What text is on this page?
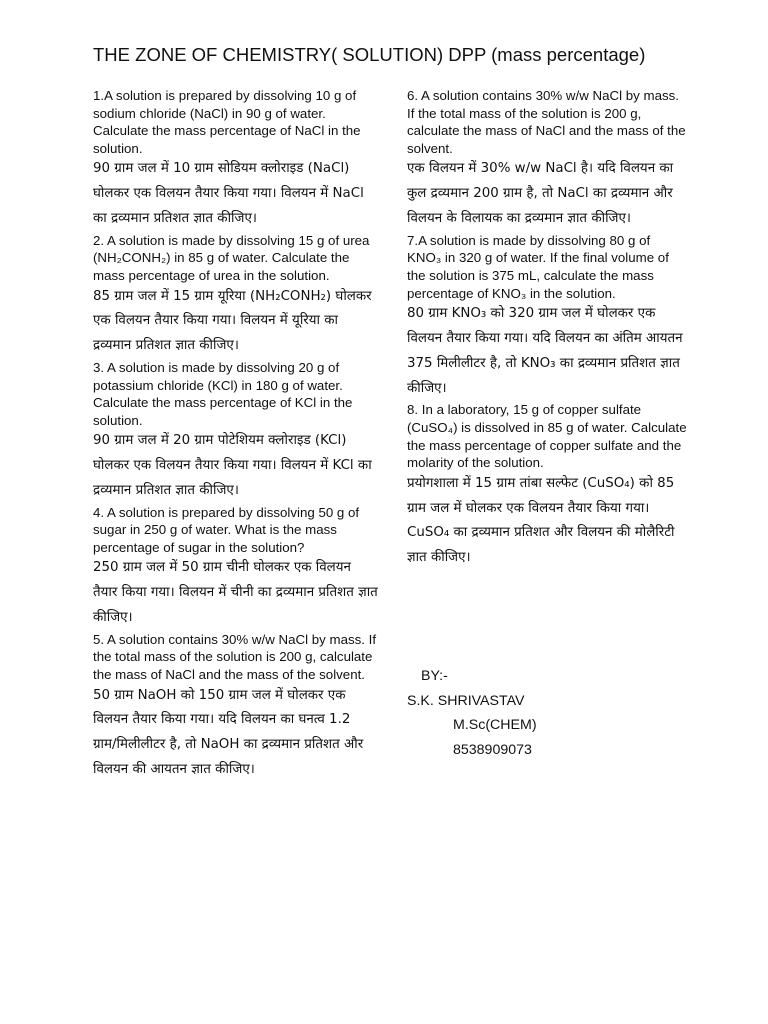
THE ZONE OF CHEMISTRY( SOLUTION) DPP (mass percentage)

1.A solution is prepared by dissolving 10 g of sodium chloride (NaCl) in 90 g of water. Calculate the mass percentage of NaCl in the solution.

90 ग्राम जल में 10 ग्राम सोडियम क्लोराइड (NaCl) घोलकर एक विलयन तैयार किया गया। विलयन में NaCl का द्रव्यमान प्रतिशत ज्ञात कीजिए।

2. A solution is made by dissolving 15 g of urea (NH₂CONH₂) in 85 g of water. Calculate the mass percentage of urea in the solution.

85 ग्राम जल में 15 ग्राम यूरिया (NH₂CONH₂) घोलकर एक विलयन तैयार किया गया। विलयन में यूरिया का द्रव्यमान प्रतिशत ज्ञात कीजिए।

3. A solution is made by dissolving 20 g of potassium chloride (KCl) in 180 g of water. Calculate the mass percentage of KCl in the solution.

90 ग्राम जल में 20 ग्राम पोटेशियम क्लोराइड (KCl) घोलकर एक विलयन तैयार किया गया। विलयन में KCl का द्रव्यमान प्रतिशत ज्ञात कीजिए।

4. A solution is prepared by dissolving 50 g of sugar in 250 g of water. What is the mass percentage of sugar in the solution?

250 ग्राम जल में 50 ग्राम चीनी घोलकर एक विलयन तैयार किया गया। विलयन में चीनी का द्रव्यमान प्रतिशत ज्ञात कीजिए।

5. A solution contains 30% w/w NaCl by mass. If the total mass of the solution is 200 g, calculate the mass of NaCl and the mass of the solvent.

50 ग्राम NaOH को 150 ग्राम जल में घोलकर एक विलयन तैयार किया गया। यदि विलयन का घनत्व 1.2 ग्राम/मिलीलीटर है, तो NaOH का द्रव्यमान प्रतिशत और विलयन की आयतन ज्ञात कीजिए।

6. A solution contains 30% w/w NaCl by mass. If the total mass of the solution is 200 g, calculate the mass of NaCl and the mass of the solvent.

एक विलयन में 30% w/w NaCl है। यदि विलयन का कुल द्रव्यमान 200 ग्राम है, तो NaCl का द्रव्यमान और विलयन के विलायक का द्रव्यमान ज्ञात कीजिए।

7.A solution is made by dissolving 80 g of KNO₃ in 320 g of water. If the final volume of the solution is 375 mL, calculate the mass percentage of KNO₃ in the solution.

80 ग्राम KNO₃ को 320 ग्राम जल में घोलकर एक विलयन तैयार किया गया। यदि विलयन का अंतिम आयतन 375 मिलीलीटर है, तो KNO₃ का द्रव्यमान प्रतिशत ज्ञात कीजिए।

8. In a laboratory, 15 g of copper sulfate (CuSO₄) is dissolved in 85 g of water. Calculate the mass percentage of copper sulfate and the molarity of the solution.

प्रयोगशाला में 15 ग्राम तांबा सल्फेट (CuSO₄) को 85 ग्राम जल में घोलकर एक विलयन तैयार किया गया। CuSO₄ का द्रव्यमान प्रतिशत और विलयन की मोलैरिटी ज्ञात कीजिए।

BY:-
S.K. SHRIVASTAV
M.Sc(CHEM)
8538909073
